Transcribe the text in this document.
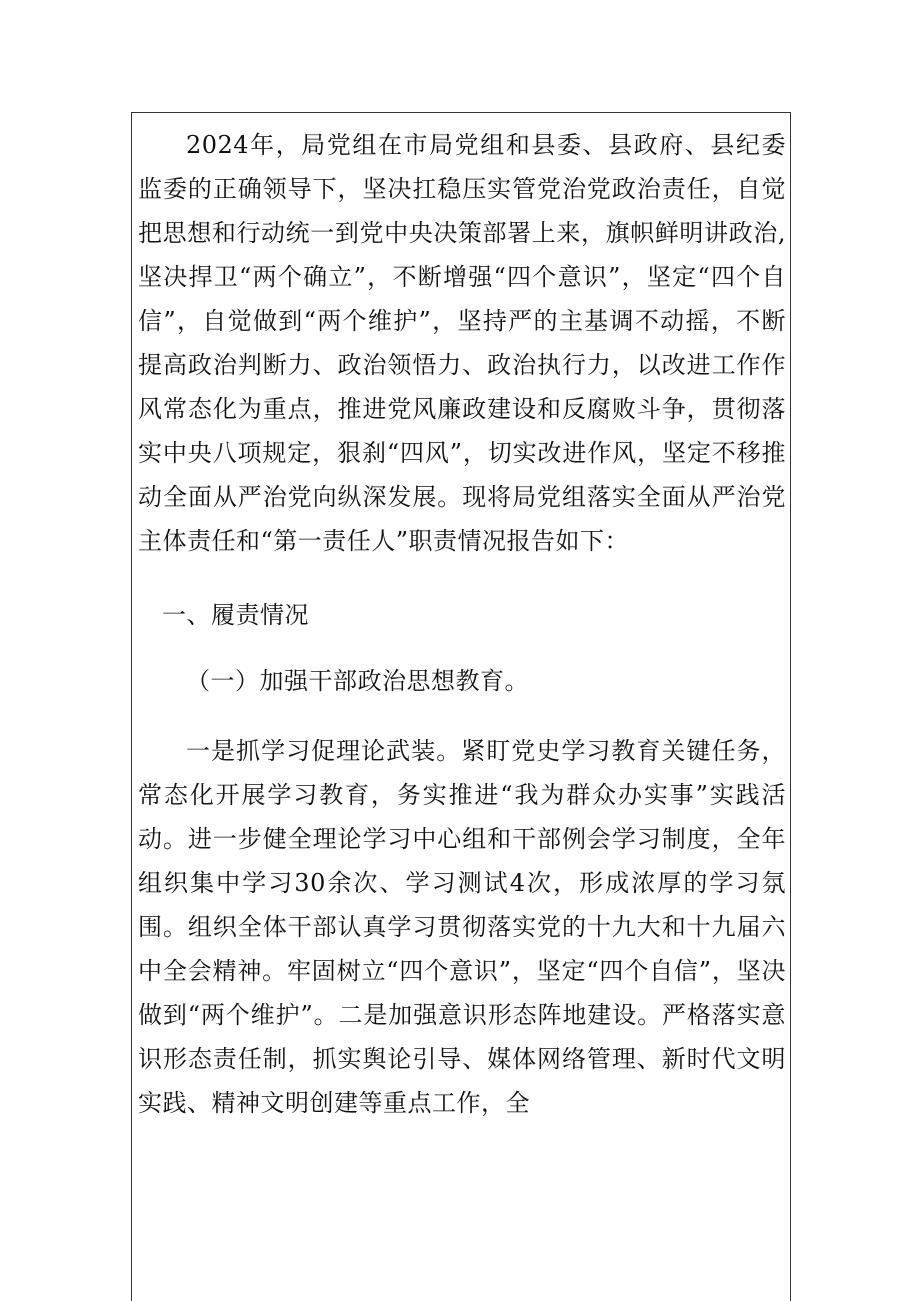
2024年，局党组在市局党组和县委、县政府、县纪委监委的正确领导下，坚决扛稳压实管党治党政治责任，自觉把思想和行动统一到党中央决策部署上来，旗帜鲜明讲政治,坚决捍卫“两个确立”，不断增强“四个意识”，坚定“四个自信”，自觉做到“两个维护”，坚持严的主基调不动摇，不断提高政治判断力、政治领悟力、政治执行力，以改进工作作风常态化为重点，推进党风廉政建设和反腐败斗争，贯彻落实中央八项规定，狠刹“四风”，切实改进作风，坚定不移推动全面从严治党向纵深发展。现将局党组落实全面从严治党主体责任和“第一责任人”职责情况报告如下：

一、履责情况

（一）加强干部政治思想教育。

一是抓学习促理论武装。紧盯党史学习教育关键任务，常态化开展学习教育，务实推进“我为群众办实事”实践活动。进一步健全理论学习中心组和干部例会学习制度，全年组织集中学习30余次、学习测试4次，形成浓厚的学习氛围。组织全体干部认真学习贯彻落实党的十九大和十九届六中全会精神。牢固树立“四个意识”，坚定“四个自信”，坚决做到“两个维护”。二是加强意识形态阵地建设。严格落实意识形态责任制，抓实舆论引导、媒体网络管理、新时代文明实践、精神文明创建等重点工作，全
